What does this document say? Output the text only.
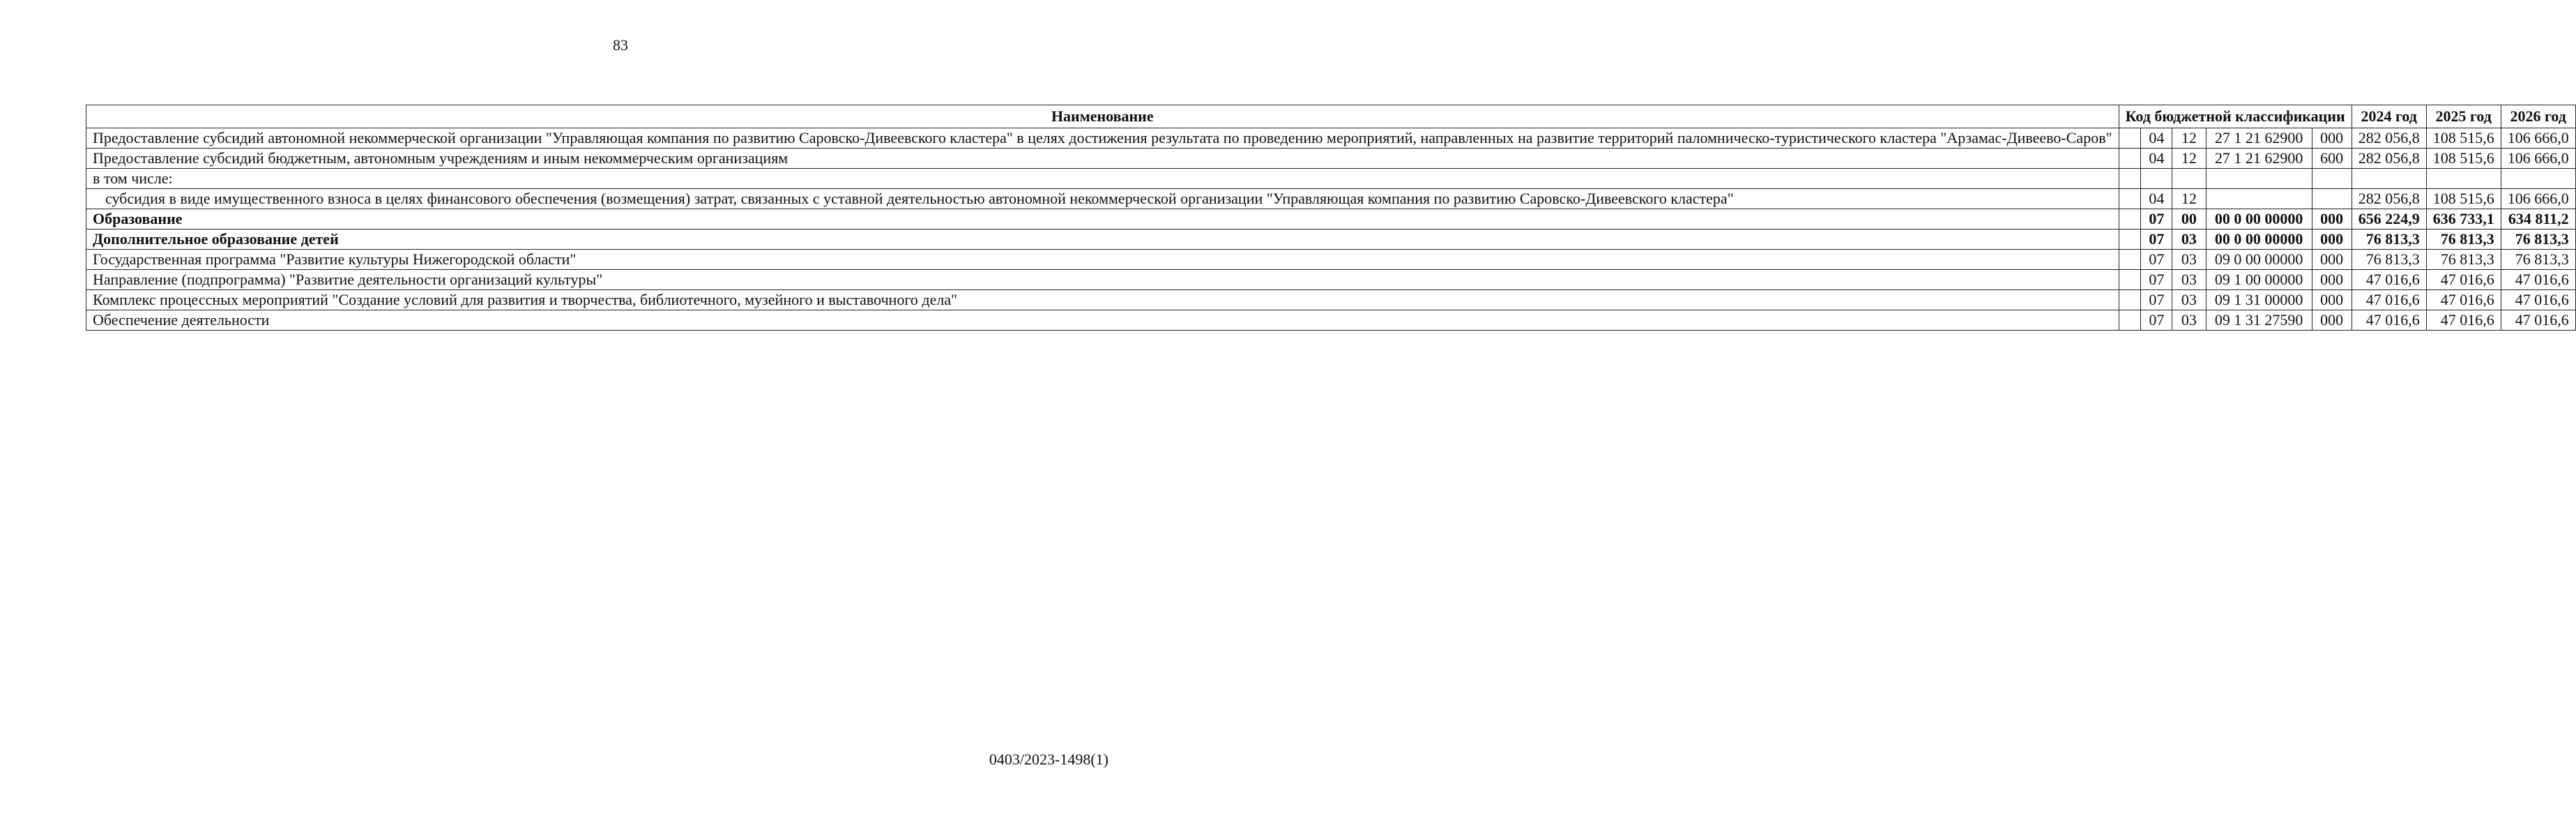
83
Наименование	Код бюджетной классификации					2024 год	2025 год	2026 год
Предоставление субсидий автономной некоммерческой организации "Управляющая компания по развитию Саровско-Дивеевского кластера" в целях достижения результата по проведению мероприятий, направленных на развитие территорий паломническо-туристического кластера "Арзамас-Дивеево-Саров"		04	12	27 1 21 62900	000	282 056,8	108 515,6	106 666,0
Предоставление субсидий бюджетным, автономным учреждениям и иным некоммерческим организациям		04	12	27 1 21 62900	600	282 056,8	108 515,6	106 666,0
в том числе:								
субсидия в виде имущественного взноса в целях финансового обеспечения (возмещения) затрат, связанных с уставной деятельностью автономной некоммерческой организации "Управляющая компания по развитию Саровско-Дивеевского кластера"		04	12			282 056,8	108 515,6	106 666,0
Образование		07	00	00 0 00 00000	000	656 224,9	636 733,1	634 811,2
Дополнительное образование детей		07	03	00 0 00 00000	000	76 813,3	76 813,3	76 813,3
Государственная программа "Развитие культуры Нижегородской области"		07	03	09 0 00 00000	000	76 813,3	76 813,3	76 813,3
Направление (подпрограмма) "Развитие деятельности организаций культуры"		07	03	09 1 00 00000	000	47 016,6	47 016,6	47 016,6
Комплекс процессных мероприятий "Создание условий для развития и творчества, библиотечного, музейного и выставочного дела"		07	03	09 1 31 00000	000	47 016,6	47 016,6	47 016,6
Обеспечение деятельности		07	03	09 1 31 27590	000	47 016,6	47 016,6	47 016,6
0403/2023-1498(1)
